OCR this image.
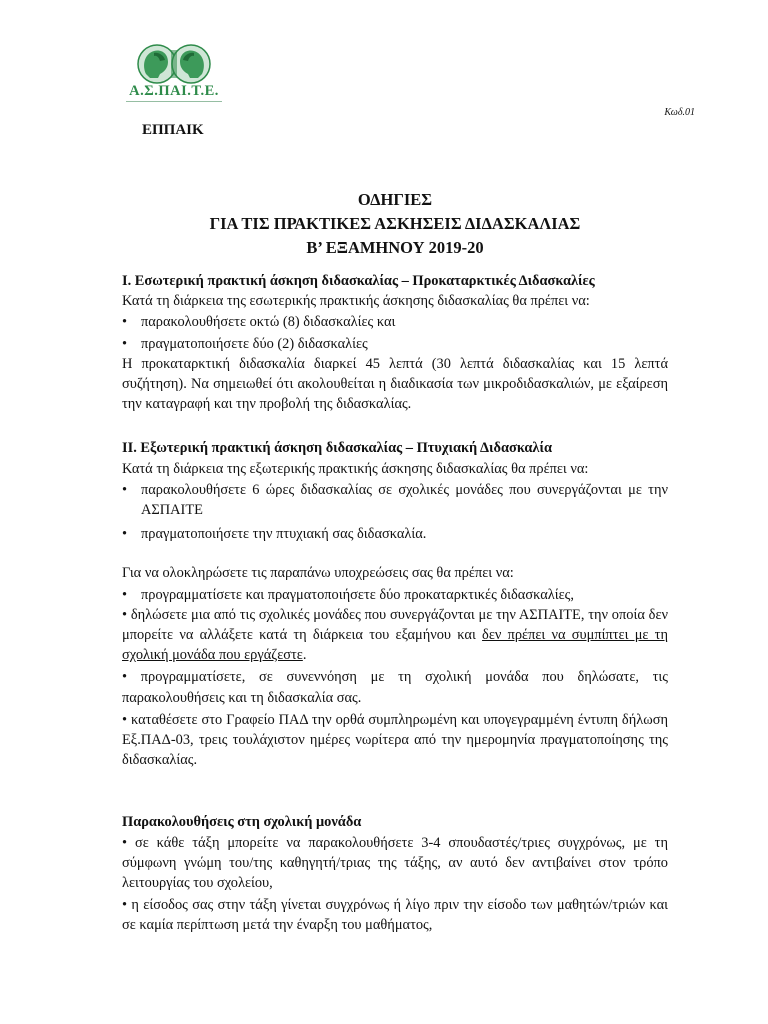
Α.Σ.ΠΑΙ.Τ.Ε.
Κωδ.01
ΕΠΠΑΙΚ
ΟΔΗΓΙΕΣ
ΓΙΑ ΤΙΣ ΠΡΑΚΤΙΚΕΣ ΑΣΚΗΣΕΙΣ ΔΙΔΑΣΚΑΛΙΑΣ
Β’ ΕΞΑΜΗΝΟΥ 2019-20

Ι. Εσωτερική πρακτική άσκηση διδασκαλίας – Προκαταρκτικές Διδασκαλίες

Κατά τη διάρκεια της εσωτερικής πρακτικής άσκησης διδασκαλίας θα πρέπει να:

• παρακολουθήσετε οκτώ (8) διδασκαλίες και
• πραγματοποιήσετε δύο (2) διδασκαλίες

Η προκαταρκτική διδασκαλία διαρκεί 45 λεπτά (30 λεπτά διδασκαλίας και 15 λεπτά συζήτηση). Να σημειωθεί ότι ακολουθείται η διαδικασία των μικροδιδασκαλιών, με εξαίρεση την καταγραφή και την προβολή της διδασκαλίας.

ΙΙ. Εξωτερική πρακτική άσκηση διδασκαλίας – Πτυχιακή Διδασκαλία

Κατά τη διάρκεια της εξωτερικής πρακτικής άσκησης διδασκαλίας θα πρέπει να:

• παρακολουθήσετε 6 ώρες διδασκαλίας σε σχολικές μονάδες που συνεργάζονται με την ΑΣΠΑΙΤΕ
• πραγματοποιήσετε την πτυχιακή σας διδασκαλία.

Για να ολοκληρώσετε τις παραπάνω υποχρεώσεις σας θα πρέπει να:

• προγραμματίσετε και πραγματοποιήσετε δύο προκαταρκτικές διδασκαλίες,

• δηλώσετε μια από τις σχολικές μονάδες που συνεργάζονται με την ΑΣΠΑΙΤΕ, την οποία δεν μπορείτε να αλλάξετε κατά τη διάρκεια του εξαμήνου και δεν πρέπει να συμπίπτει με τη σχολική μονάδα που εργάζεστε.

• προγραμματίσετε, σε συνεννόηση με τη σχολική μονάδα που δηλώσατε, τις παρακολουθήσεις και τη διδασκαλία σας.

• καταθέσετε στο Γραφείο ΠΑΔ την ορθά συμπληρωμένη και υπογεγραμμένη έντυπη δήλωση Εξ.ΠΑΔ-03, τρεις τουλάχιστον ημέρες νωρίτερα από την ημερομηνία πραγματοποίησης της διδασκαλίας.

Παρακολουθήσεις στη σχολική μονάδα

• σε κάθε τάξη μπορείτε να παρακολουθήσετε 3-4 σπουδαστές/τριες συγχρόνως, με τη σύμφωνη γνώμη του/της καθηγητή/τριας της τάξης, αν αυτό δεν αντιβαίνει στον τρόπο λειτουργίας του σχολείου,

• η είσοδος σας στην τάξη γίνεται συγχρόνως ή λίγο πριν την είσοδο των μαθητών/τριών και σε καμία περίπτωση μετά την έναρξη του μαθήματος,
